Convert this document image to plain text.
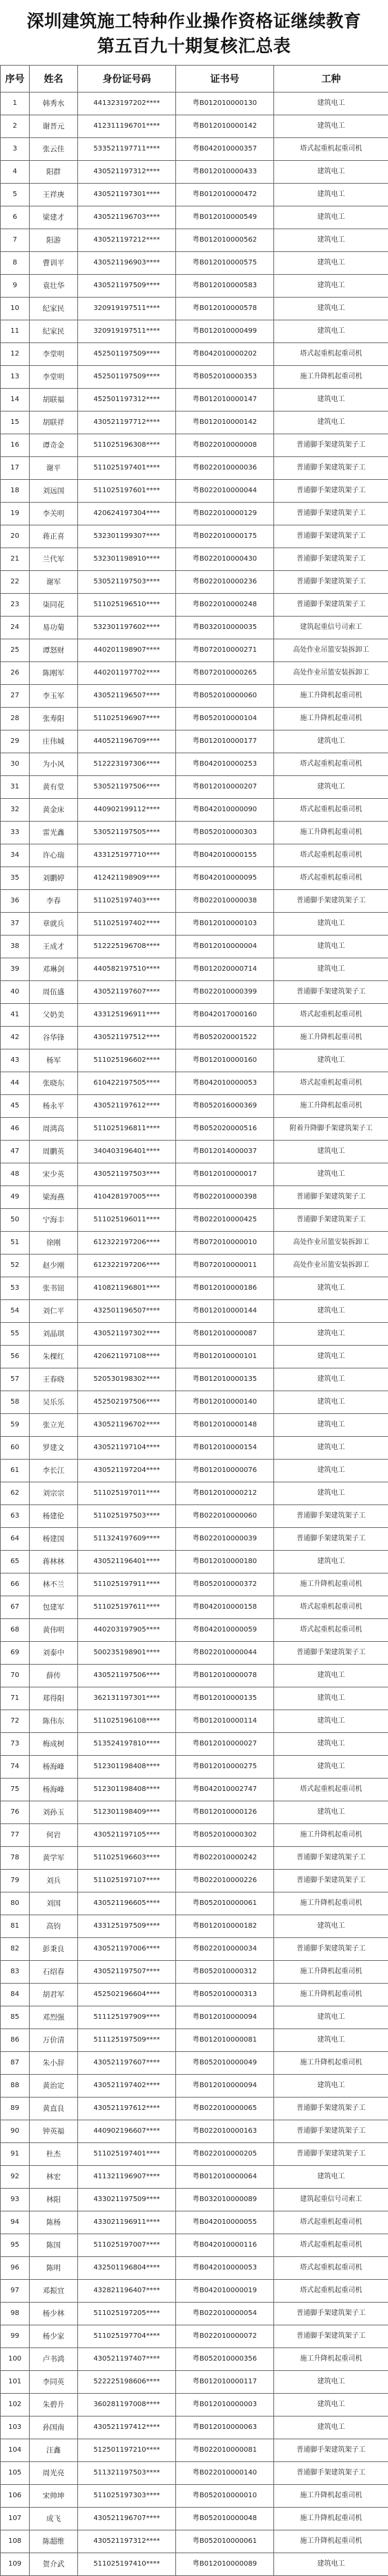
深圳建筑施工特种作业操作资格证继续教育
第五百九十期复核汇总表
序号	姓名	身份证号码	证书号	工种
1	韩秀水	441323197202****	粤B012010000130	建筑电工
2	谢晋元	412311196701****	粤B012010000142	建筑电工
3	张云佳	533521197711****	粤B042010000357	塔式起重机起重司机
4	阳群	430521197312****	粤B012010000433	建筑电工
5	王祥庚	430521197301****	粤B012010000472	建筑电工
6	梁建才	430521196703****	粤B012010000549	建筑电工
7	阳游	430521197212****	粤B012010000562	建筑电工
8	曹训平	430521196903****	粤B012010000575	建筑电工
9	袁壮华	430521197509****	粤B012010000583	建筑电工
10	纪家民	320919197511****	粤B012010000578	建筑电工
11	纪家民	320919197511****	粤B012010000499	建筑电工
12	李堂明	452501197509****	粤B042010000202	塔式起重机起重司机
13	李堂明	452501197509****	粤B052010000353	施工升降机起重司机
14	胡联福	452501197312****	粤B012010000147	建筑电工
15	胡联祥	430521197712****	粤B012010000142	建筑电工
16	谭奇金	511025196308****	粤B022010000008	普通脚手架建筑架子工
17	谢平	511025197401****	粤B022010000036	普通脚手架建筑架子工
18	刘远国	511025197601****	粤B022010000044	普通脚手架建筑架子工
19	李关明	420624197304****	粤B022010000129	普通脚手架建筑架子工
20	蒋正喜	532301199307****	粤B022010000175	普通脚手架建筑架子工
21	兰代军	532301198910****	粤B022010000430	普通脚手架建筑架子工
22	谢军	530521197503****	粤B022010000236	普通脚手架建筑架子工
23	柒同花	511025196510****	粤B022010000248	普通脚手架建筑架子工
24	易功菊	532301197602****	粤B032010000035	建筑起重信号司索工
25	谭怒财	440201198907****	粤B072010000271	高处作业吊篮安装拆卸工
26	陈刚军	440201197702****	粤B072010000265	高处作业吊篮安装拆卸工
27	李玉军	430521196507****	粤B052010000060	施工升降机起重司机
28	张寿阳	511025196907****	粤B052010000104	施工升降机起重司机
29	庄伟城	440521196709****	粤B012010000177	建筑电工
30	为小风	512223197306****	粤B042010000253	塔式起重机起重司机
31	黄有堂	530521197506****	粤B012010000207	建筑电工
32	黄金床	440902199112****	粤B042010000090	塔式起重机起重司机
33	雷光鑫	530521197505****	粤B052010000303	施工升降机起重司机
34	许心瑞	433125197710****	粤B042010000155	塔式起重机起重司机
35	刘鹏婷	412421198909****	粤B042010000095	塔式起重机起重司机
36	李春	511025197403****	粤B022010000038	普通脚手架建筑架子工
37	章就兵	511025197402****	粤B012010000103	建筑电工
38	王成才	512225196708****	粤B012010000004	建筑电工
39	邓琳剑	440582197510****	粤B012020000714	建筑电工
40	周伍盛	430521197607****	粤B022010000399	普通脚手架建筑架子工
41	父奶美	433125196911****	粤B042017000160	塔式起重机起重司机
42	谷华锋	430521197512****	粤B052020001522	施工升降机起重司机
43	杨军	511025196602****	粤B012010000160	建筑电工
44	张晓东	610422197505****	粤B042010000053	塔式起重机起重司机
45	杨永平	430521197612****	粤B052016000369	施工升降机起重司机
46	周鸿高	511025196811****	粤B052020000516	附着升降脚手架建筑架子工
47	周鹏英	340403196401****	粤B012014000037	建筑电工
48	宋少英	430521197503****	粤B012010000017	建筑电工
49	梁海燕	410428197005****	粤B022010000398	普通脚手架建筑架子工
50	宁海丰	511025196011****	粤B022010000425	普通脚手架建筑架子工
51	徐刚	612322197206****	粤B072010000010	高处作业吊篮安装拆卸工
52	赵少刚	612322197206****	粤B072010000011	高处作业吊篮安装拆卸工
53	张书钮	410821196801****	粤B012010000186	建筑电工
54	刘仁平	432501196507****	粤B012010000144	建筑电工
55	刘晶琪	430521197302****	粤B012010000087	建筑电工
56	朱棵红	420621197108****	粤B012010000101	建筑电工
57	王春晓	520530198302****	粤B012010000135	建筑电工
58	吴乐乐	452502197506****	粤B012010000140	建筑电工
59	张立光	430521196702****	粤B012010000148	建筑电工
60	罗建文	430521197104****	粤B012010000154	建筑电工
61	李长江	430521197204****	粤B012010000076	建筑电工
62	刘宗宗	511025197011****	粤B012010000212	建筑电工
63	杨建伦	511025197503****	粤B022010000060	普通脚手架建筑架子工
64	杨建国	511324197609****	粤B022010000039	普通脚手架建筑架子工
65	蒋林林	430521196401****	粤B012010000180	建筑电工
66	林不兰	511025197911****	粤B052010000372	施工升降机起重司机
67	包建军	511025197611****	粤B042010000158	塔式起重机起重司机
68	黄伟明	440203197905****	粤B042010000059	塔式起重机起重司机
69	刘泰中	500235198901****	粤B022010000044	普通脚手架建筑架子工
70	薛传	430521197506****	粤B012010000078	建筑电工
71	郑得阳	362131197301****	粤B012010000135	建筑电工
72	陈伟东	511025196108****	粤B012010000114	建筑电工
73	梅成树	513524197810****	粤B012010000027	建筑电工
74	杨海峰	512301198408****	粤B012010000275	建筑电工
75	杨海峰	512301198408****	粤B042010002747	塔式起重机起重司机
76	刘孙玉	512301198409****	粤B012010000126	建筑电工
77	何岩	430521197105****	粤B052010000302	施工升降机起重司机
78	黄学军	511025196603****	粤B022010000242	普通脚手架建筑架子工
79	刘兵	511025197107****	粤B022010000226	普通脚手架建筑架子工
80	刘国	430521196605****	粤B052010000061	施工升降机起重司机
81	高钧	433125197509****	粤B012010000182	建筑电工
82	彭秉良	430521197006****	粤B022010000034	普通脚手架建筑架子工
83	石绍春	430521197507****	粤B052010000312	施工升降机起重司机
84	胡君军	452502196604****	粤B052010000313	施工升降机起重司机
85	邓烈强	511125197909****	粤B012010000094	建筑电工
86	万价清	511125197509****	粤B012010000081	建筑电工
87	朱小辞	430521197607****	粤B052010000049	施工升降机起重司机
88	黄治定	430521197402****	粤B012010000094	建筑电工
89	黄直良	430521197612****	粤B022010000065	普通脚手架建筑架子工
90	钟英福	440902196607****	粤B022010000163	普通脚手架建筑架子工
91	杜杰	511025197401****	粤B022010000205	普通脚手架建筑架子工
92	林宏	411321196907****	粤B012010000064	建筑电工
93	林阳	433021197509****	粤B032010000089	建筑起重信号司索工
94	陈杨	433021196911****	粤B042010000055	塔式起重机起重司机
95	陈国	511025197007****	粤B042010000116	塔式起重机起重司机
96	陈明	432501196804****	粤B042010000053	塔式起重机起重司机
97	邓振宜	432821196407****	粤B042010000019	塔式起重机起重司机
98	杨少林	511025197205****	粤B022010000054	普通脚手架建筑架子工
99	杨少家	511025197704****	粤B022010000072	普通脚手架建筑架子工
100	卢书鸿	430521197407****	粤B052010000356	施工升降机起重司机
101	李同英	522225198606****	粤B012010000117	建筑电工
102	朱碧升	360281197008****	粤B012010000003	建筑电工
103	孙国南	430521197412****	粤B012010000063	建筑电工
104	汪鑫	512501197210****	粤B022010000081	普通脚手架建筑架子工
105	周光亮	511321197503****	粤B022010000140	普通脚手架建筑架子工
106	宋帅坤	511025197303****	粤B052010000010	施工升降机起重司机
107	成飞	430521196707****	粤B052010000048	施工升降机起重司机
108	陈超维	430521197312****	粤B052010000061	施工升降机起重司机
109	贺介武	511025197410****	粤B012010000089	建筑电工
